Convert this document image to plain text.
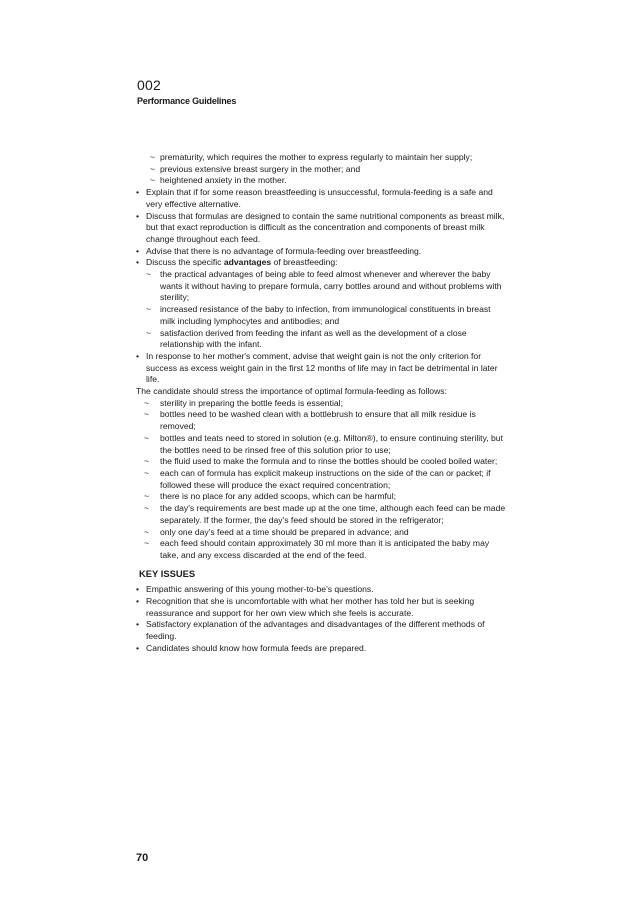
002
Performance Guidelines

~ prematurity, which requires the mother to express regularly to maintain her supply;

~ previous extensive breast surgery in the mother; and

~ heightened anxiety in the mother.

• Explain that if for some reason breastfeeding is unsuccessful, formula-feeding is a safe and very effective alternative.

• Discuss that formulas are designed to contain the same nutritional components as breast milk, but that exact reproduction is difficult as the concentration and components of breast milk change throughout each feed.

• Advise that there is no advantage of formula-feeding over breastfeeding.

• Discuss the specific advantages of breastfeeding:

~ the practical advantages of being able to feed almost whenever and wherever the baby wants it without having to prepare formula, carry bottles around and without problems with sterility;

~ increased resistance of the baby to infection, from immunological constituents in breast milk including lymphocytes and antibodies; and

~ satisfaction derived from feeding the infant as well as the development of a close relationship with the infant.

• In response to her mother's comment, advise that weight gain is not the only criterion for success as excess weight gain in the first 12 months of life may in fact be detrimental in later life.

The candidate should stress the importance of optimal formula-feeding as follows:

~ sterility in preparing the bottle feeds is essential;

~ bottles need to be washed clean with a bottlebrush to ensure that all milk residue is removed;

~ bottles and teats need to stored in solution (e.g. Milton®), to ensure continuing sterility, but the bottles need to be rinsed free of this solution prior to use;

~ the fluid used to make the formula and to rinse the bottles should be cooled boiled water;

~ each can of formula has explicit makeup instructions on the side of the can or packet; if followed these will produce the exact required concentration;

~ there is no place for any added scoops, which can be harmful;

~ the day's requirements are best made up at the one time, although each feed can be made separately. If the former, the day's feed should be stored in the refrigerator;

~ only one day's feed at a time should be prepared in advance; and

~ each feed should contain approximately 30 ml more than it is anticipated the baby may take, and any excess discarded at the end of the feed.

KEY ISSUES

• Empathic answering of this young mother-to-be's questions.

• Recognition that she is uncomfortable with what her mother has told her but is seeking reassurance and support for her own view which she feels is accurate.

• Satisfactory explanation of the advantages and disadvantages of the different methods of feeding.

• Candidates should know how formula feeds are prepared.

70
